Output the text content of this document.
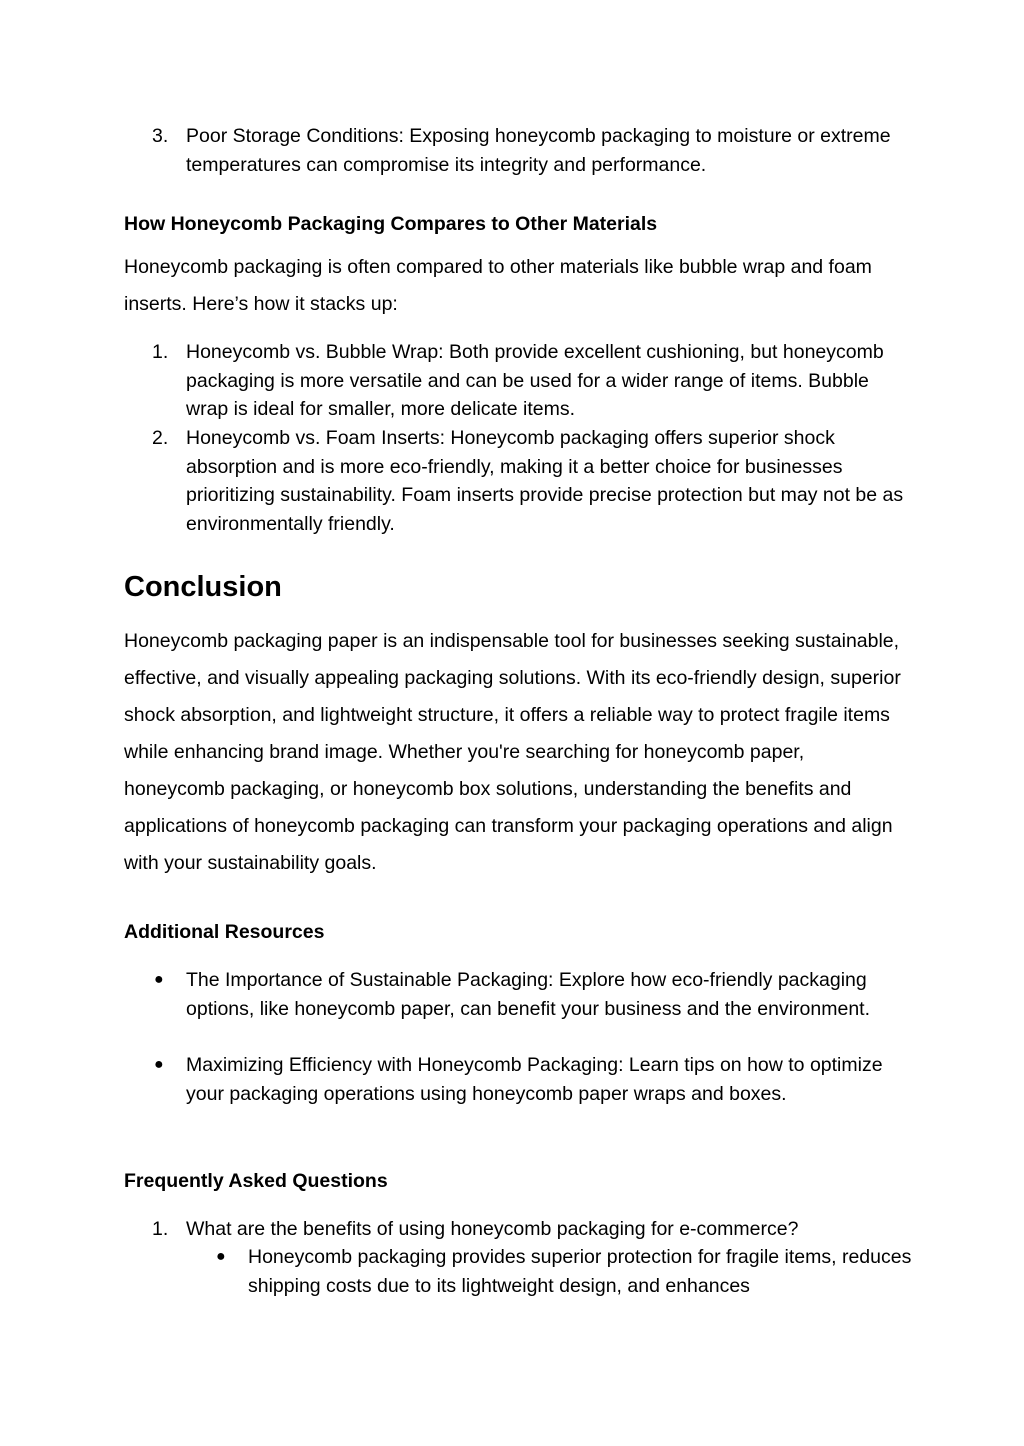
3. Poor Storage Conditions: Exposing honeycomb packaging to moisture or extreme temperatures can compromise its integrity and performance.
How Honeycomb Packaging Compares to Other Materials
Honeycomb packaging is often compared to other materials like bubble wrap and foam inserts. Here’s how it stacks up:
1. Honeycomb vs. Bubble Wrap: Both provide excellent cushioning, but honeycomb packaging is more versatile and can be used for a wider range of items. Bubble wrap is ideal for smaller, more delicate items.
2. Honeycomb vs. Foam Inserts: Honeycomb packaging offers superior shock absorption and is more eco-friendly, making it a better choice for businesses prioritizing sustainability. Foam inserts provide precise protection but may not be as environmentally friendly.
Conclusion
Honeycomb packaging paper is an indispensable tool for businesses seeking sustainable, effective, and visually appealing packaging solutions. With its eco-friendly design, superior shock absorption, and lightweight structure, it offers a reliable way to protect fragile items while enhancing brand image. Whether you're searching for honeycomb paper, honeycomb packaging, or honeycomb box solutions, understanding the benefits and applications of honeycomb packaging can transform your packaging operations and align with your sustainability goals.
Additional Resources
● The Importance of Sustainable Packaging: Explore how eco-friendly packaging options, like honeycomb paper, can benefit your business and the environment.
● Maximizing Efficiency with Honeycomb Packaging: Learn tips on how to optimize your packaging operations using honeycomb paper wraps and boxes.
Frequently Asked Questions
1. What are the benefits of using honeycomb packaging for e-commerce?
● Honeycomb packaging provides superior protection for fragile items, reduces shipping costs due to its lightweight design, and enhances
